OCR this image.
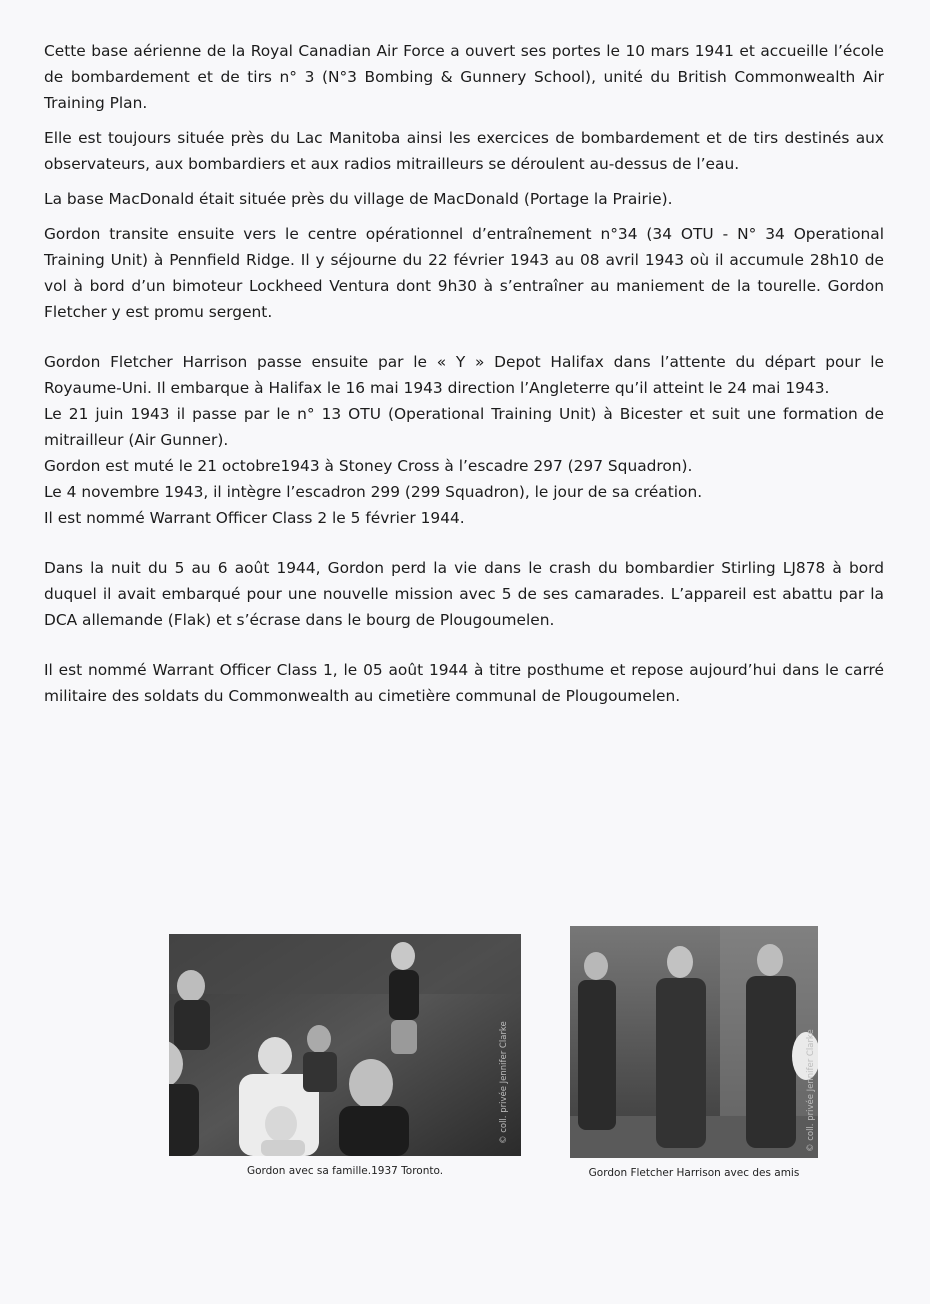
Cette base aérienne de la Royal Canadian Air Force a ouvert ses portes le 10 mars 1941 et accueille l’école de bombardement et de tirs n° 3 (N°3 Bombing & Gunnery School), unité du British Commonwealth Air Training Plan.

Elle est toujours située près du Lac Manitoba ainsi les exercices de bombardement et de tirs destinés aux observateurs, aux bombardiers et aux radios mitrailleurs se déroulent au-dessus de l’eau.

La base MacDonald était située près du village de MacDonald (Portage la Prairie).

Gordon transite ensuite vers le centre opérationnel d’entraînement n°34 (34 OTU - N° 34 Operational Training Unit) à Pennfield Ridge. Il y séjourne du 22 février 1943 au 08 avril 1943 où il accumule 28h10 de vol à bord d’un bimoteur Lockheed Ventura dont 9h30 à s’entraîner au maniement de la tourelle. Gordon Fletcher y est promu sergent.

Gordon Fletcher Harrison passe ensuite par le « Y » Depot Halifax dans l’attente du départ pour le Royaume-Uni. Il embarque à Halifax le 16 mai 1943 direction l’Angleterre qu’il atteint le 24 mai 1943.

Le 21 juin 1943 il passe par le n° 13 OTU (Operational Training Unit) à Bicester et suit une formation de mitrailleur (Air Gunner).

Gordon est muté le 21 octobre1943 à Stoney Cross à l’escadre 297 (297 Squadron).

Le 4 novembre 1943, il intègre l’escadron 299 (299 Squadron), le jour de sa création.

Il est nommé Warrant Officer Class 2 le 5 février 1944.

Dans la nuit du 5 au 6 août 1944, Gordon perd la vie dans le crash du bombardier Stirling LJ878 à bord duquel il avait embarqué pour une nouvelle mission avec 5 de ses camarades. L’appareil est abattu par la DCA allemande (Flak) et s’écrase dans le bourg de Plougoumelen.

Il est nommé Warrant Officer Class 1, le 05 août 1944 à titre posthume et repose aujourd’hui dans le carré militaire des soldats du Commonwealth au cimetière communal de Plougoumelen.

© coll. privée Jennifer Clarke	© coll. privée Jennifer Clarke
Gordon avec sa famille.1937 Toronto.	Gordon Fletcher Harrison avec des amis
